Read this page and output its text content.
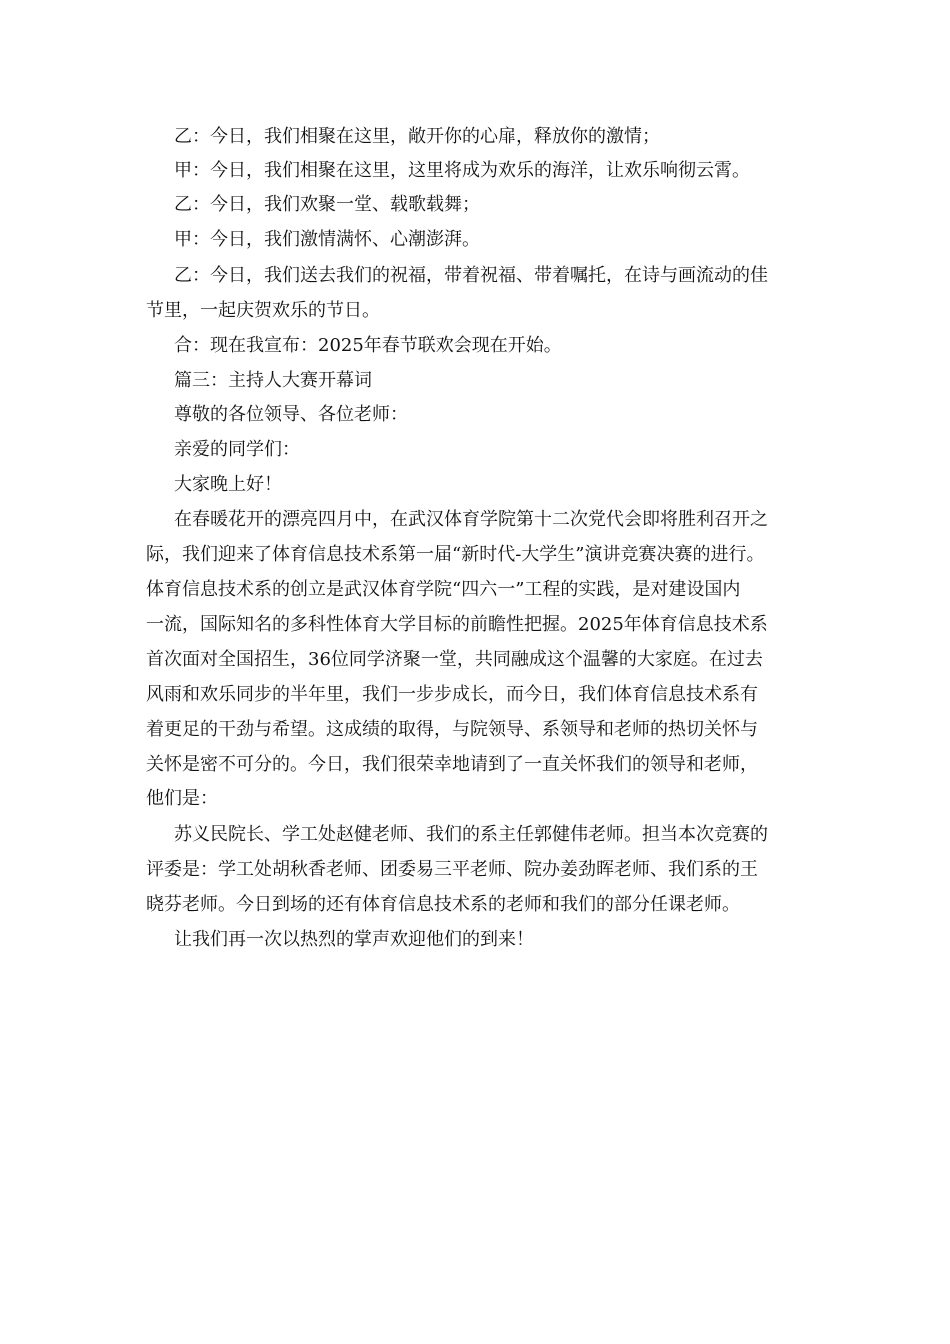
乙：今日，我们相聚在这里，敞开你的心扉，释放你的激情；
甲：今日，我们相聚在这里，这里将成为欢乐的海洋，让欢乐响彻云霄。
乙：今日，我们欢聚一堂、载歌载舞；
甲：今日，我们激情满怀、心潮澎湃。
乙：今日，我们送去我们的祝福，带着祝福、带着嘱托，在诗与画流动的佳
节里，一起庆贺欢乐的节日。
合：现在我宣布：2025年春节联欢会现在开始。
篇三：主持人大赛开幕词
尊敬的各位领导、各位老师：
亲爱的同学们：
大家晚上好！
在春暖花开的漂亮四月中，在武汉体育学院第十二次党代会即将胜利召开之
际，我们迎来了体育信息技术系第一届“新时代-大学生”演讲竞赛决赛的进行。
体育信息技术系的创立是武汉体育学院“四六一”工程的实践，是对建设国内
一流，国际知名的多科性体育大学目标的前瞻性把握。2025年体育信息技术系
首次面对全国招生，36位同学济聚一堂，共同融成这个温馨的大家庭。在过去
风雨和欢乐同步的半年里，我们一步步成长，而今日，我们体育信息技术系有
着更足的干劲与希望。这成绩的取得，与院领导、系领导和老师的热切关怀与
关怀是密不可分的。今日，我们很荣幸地请到了一直关怀我们的领导和老师，
他们是：
苏义民院长、学工处赵健老师、我们的系主任郭健伟老师。担当本次竞赛的
评委是：学工处胡秋香老师、团委易三平老师、院办姜劲晖老师、我们系的王
晓芬老师。今日到场的还有体育信息技术系的老师和我们的部分任课老师。
让我们再一次以热烈的掌声欢迎他们的到来！
